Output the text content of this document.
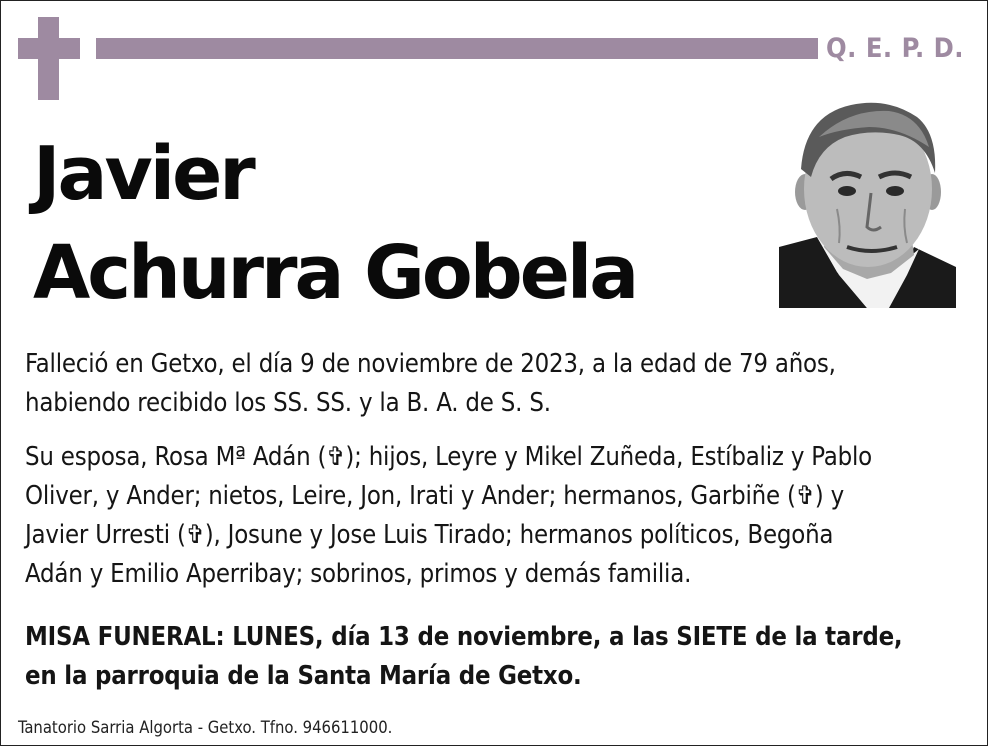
Q. E. P. D.
Javier
Achurra Gobela
Falleció en Getxo, el día 9 de noviembre de 2023, a la edad de 79 años,
habiendo recibido los SS. SS. y la B. A. de S. S.
Su esposa, Rosa Mª Adán (✞); hijos, Leyre y Mikel Zuñeda, Estíbaliz y Pablo
Oliver, y Ander; nietos, Leire, Jon, Irati y Ander; hermanos, Garbiñe (✞) y
Javier Urresti (✞), Josune y Jose Luis Tirado; hermanos políticos, Begoña
Adán y Emilio Aperribay; sobrinos, primos y demás familia.
MISA FUNERAL: LUNES, día 13 de noviembre, a las SIETE de la tarde,
en la parroquia de la Santa María de Getxo.
Tanatorio Sarria Algorta - Getxo. Tfno. 946611000.
